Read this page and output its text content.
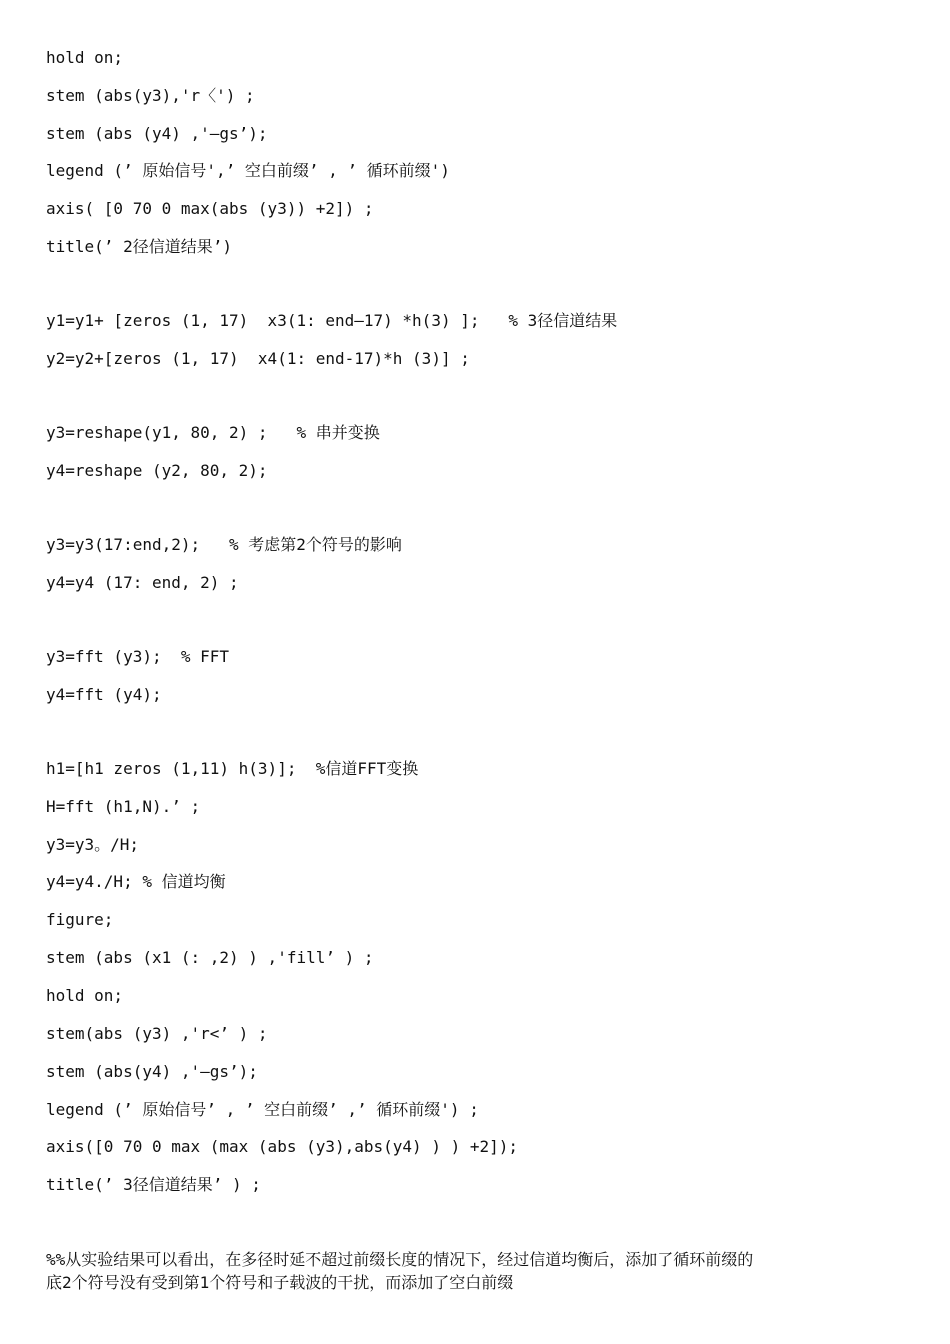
hold on;
stem (abs(y3),'r〈') ;
stem (abs (y4) ,'—gs’);
legend (’ 原始信号',’ 空白前缀’ , ’ 循环前缀')
axis( [0 70 0 max(abs (y3)) +2]) ;
title(’ 2径信道结果’)
y1=y1+ [zeros (1, 17)  x3(1: end—17) *h(3) ];   % 3径信道结果
y2=y2+[zeros (1, 17)  x4(1: end-17)*h (3)] ;
y3=reshape(y1, 80, 2) ;   % 串并变换
y4=reshape (y2, 80, 2);
y3=y3(17:end,2);   % 考虑第2个符号的影响
y4=y4 (17: end, 2) ;
y3=fft (y3);  % FFT
y4=fft (y4);
h1=[h1 zeros (1,11) h(3)];  %信道FFT变换
H=fft (h1,N).’ ;
y3=y3。/H;
y4=y4./H; % 信道均衡
figure;
stem (abs (x1 (: ,2) ) ,'fill’ ) ;
hold on;
stem(abs (y3) ,'r<’ ) ;
stem (abs(y4) ,'—gs’);
legend (’ 原始信号’ , ’ 空白前缀’ ,’ 循环前缀') ;
axis([0 70 0 max (max (abs (y3),abs(y4) ) ) +2]);
title(’ 3径信道结果’ ) ;
%%从实验结果可以看出，在多径时延不超过前缀长度的情况下，经过信道均衡后，添加了循环前缀的
底2个符号没有受到第1个符号和子载波的干扰，而添加了空白前缀
